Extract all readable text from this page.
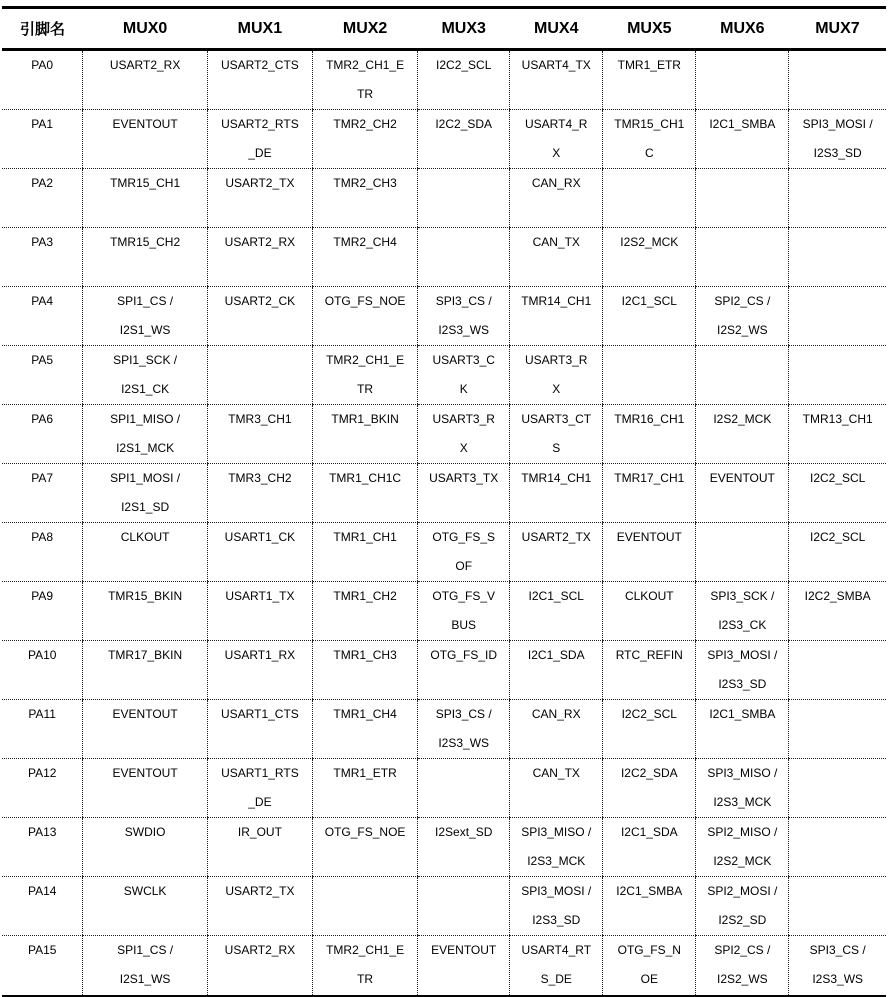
引脚名	MUX0	MUX1	MUX2	MUX3	MUX4	MUX5	MUX6	MUX7
PA0	USART2_RX	USART2_CTS	TMR2_CH1_E
TR	I2C2_SCL	USART4_TX	TMR1_ETR		

PA1	EVENTOUT	USART2_RTS
_DE	TMR2_CH2	I2C2_SDA	USART4_R
X	TMR15_CH1
C	I2C1_SMBA	SPI3_MOSI /
I2S3_SD

PA2	TMR15_CH1	USART2_TX	TMR2_CH3		CAN_RX			

PA3	TMR15_CH2	USART2_RX	TMR2_CH4		CAN_TX	I2S2_MCK		

PA4	SPI1_CS /
I2S1_WS	USART2_CK	OTG_FS_NOE	SPI3_CS /
I2S3_WS	TMR14_CH1	I2C1_SCL	SPI2_CS /
I2S2_WS	

PA5	SPI1_SCK /
I2S1_CK		TMR2_CH1_E
TR	USART3_C
K	USART3_R
X			

PA6	SPI1_MISO /
I2S1_MCK	TMR3_CH1	TMR1_BKIN	USART3_R
X	USART3_CT
S	TMR16_CH1	I2S2_MCK	TMR13_CH1

PA7	SPI1_MOSI /
I2S1_SD	TMR3_CH2	TMR1_CH1C	USART3_TX	TMR14_CH1	TMR17_CH1	EVENTOUT	I2C2_SCL

PA8	CLKOUT	USART1_CK	TMR1_CH1	OTG_FS_S
OF	USART2_TX	EVENTOUT		I2C2_SCL

PA9	TMR15_BKIN	USART1_TX	TMR1_CH2	OTG_FS_V
BUS	I2C1_SCL	CLKOUT	SPI3_SCK /
I2S3_CK	I2C2_SMBA

PA10	TMR17_BKIN	USART1_RX	TMR1_CH3	OTG_FS_ID	I2C1_SDA	RTC_REFIN	SPI3_MOSI /
I2S3_SD	

PA11	EVENTOUT	USART1_CTS	TMR1_CH4	SPI3_CS /
I2S3_WS	CAN_RX	I2C2_SCL	I2C1_SMBA	

PA12	EVENTOUT	USART1_RTS
_DE	TMR1_ETR		CAN_TX	I2C2_SDA	SPI3_MISO /
I2S3_MCK	

PA13	SWDIO	IR_OUT	OTG_FS_NOE	I2Sext_SD	SPI3_MISO /
I2S3_MCK	I2C1_SDA	SPI2_MISO /
I2S2_MCK	

PA14	SWCLK	USART2_TX			SPI3_MOSI /
I2S3_SD	I2C1_SMBA	SPI2_MOSI /
I2S2_SD	

PA15	SPI1_CS /
I2S1_WS	USART2_RX	TMR2_CH1_E
TR	EVENTOUT	USART4_RT
S_DE	OTG_FS_N
OE	SPI2_CS /
I2S2_WS	SPI3_CS /
I2S3_WS
